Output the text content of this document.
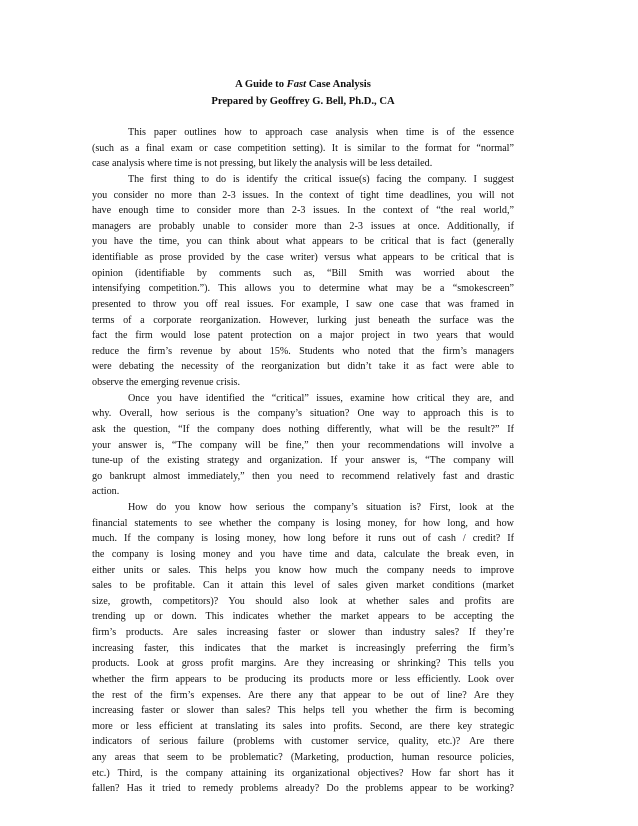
A Guide to Fast Case Analysis
Prepared by Geoffrey G. Bell, Ph.D., CA
This paper outlines how to approach case analysis when time is of the essence
(such as a final exam or case competition setting). It is similar to the format for “normal”
case analysis where time is not pressing, but likely the analysis will be less detailed.
The first thing to do is identify the critical issue(s) facing the company. I suggest
you consider no more than 2-3 issues. In the context of tight time deadlines, you will not
have enough time to consider more than 2-3 issues. In the context of “the real world,”
managers are probably unable to consider more than 2-3 issues at once. Additionally, if
you have the time, you can think about what appears to be critical that is fact (generally
identifiable as prose provided by the case writer) versus what appears to be critical that is
opinion (identifiable by comments such as, “Bill Smith was worried about the
intensifying competition.”). This allows you to determine what may be a “smokescreen”
presented to throw you off real issues. For example, I saw one case that was framed in
terms of a corporate reorganization. However, lurking just beneath the surface was the
fact the firm would lose patent protection on a major project in two years that would
reduce the firm’s revenue by about 15%. Students who noted that the firm’s managers
were debating the necessity of the reorganization but didn’t take it as fact were able to
observe the emerging revenue crisis.
Once you have identified the “critical” issues, examine how critical they are, and
why. Overall, how serious is the company’s situation? One way to approach this is to
ask the question, “If the company does nothing differently, what will be the result?” If
your answer is, “The company will be fine,” then your recommendations will involve a
tune-up of the existing strategy and organization. If your answer is, “The company will
go bankrupt almost immediately,” then you need to recommend relatively fast and drastic
action.
How do you know how serious the company’s situation is? First, look at the
financial statements to see whether the company is losing money, for how long, and how
much. If the company is losing money, how long before it runs out of cash / credit? If
the company is losing money and you have time and data, calculate the break even, in
either units or sales. This helps you know how much the company needs to improve
sales to be profitable. Can it attain this level of sales given market conditions (market
size, growth, competitors)? You should also look at whether sales and profits are
trending up or down. This indicates whether the market appears to be accepting the
firm’s products. Are sales increasing faster or slower than industry sales? If they’re
increasing faster, this indicates that the market is increasingly preferring the firm’s
products. Look at gross profit margins. Are they increasing or shrinking? This tells you
whether the firm appears to be producing its products more or less efficiently. Look over
the rest of the firm’s expenses. Are there any that appear to be out of line? Are they
increasing faster or slower than sales? This helps tell you whether the firm is becoming
more or less efficient at translating its sales into profits. Second, are there key strategic
indicators of serious failure (problems with customer service, quality, etc.)? Are there
any areas that seem to be problematic? (Marketing, production, human resource policies,
etc.) Third, is the company attaining its organizational objectives? How far short has it
fallen? Has it tried to remedy problems already? Do the problems appear to be working?
